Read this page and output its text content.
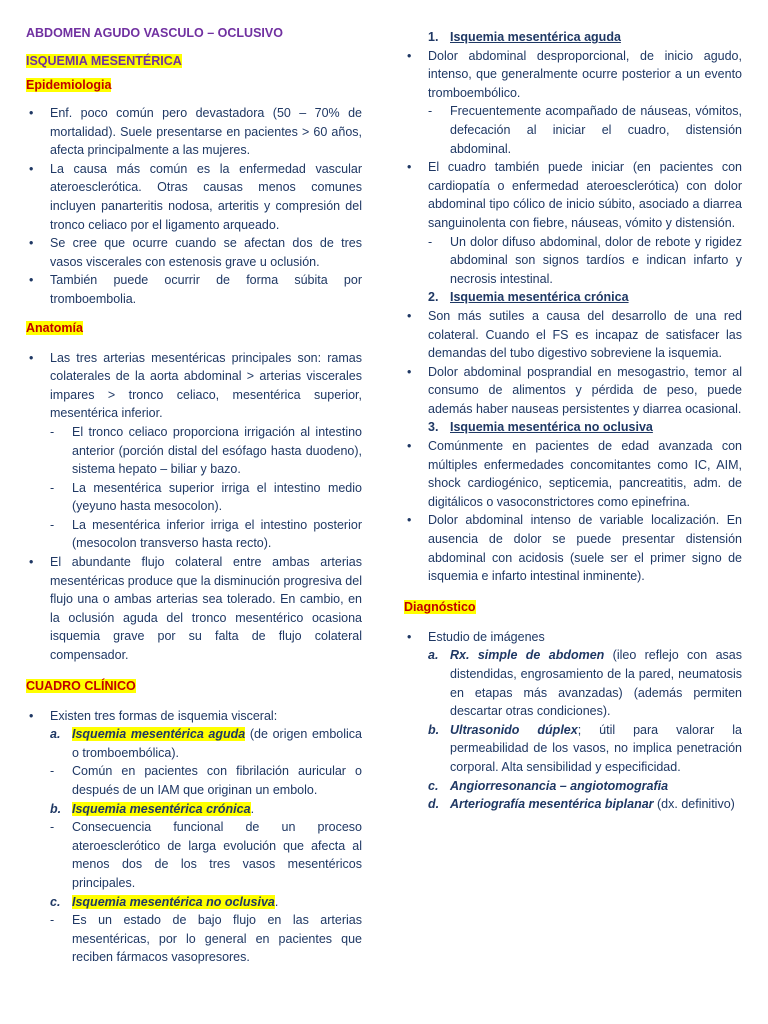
ABDOMEN AGUDO VASCULO – OCLUSIVO
ISQUEMIA MESENTÉRICA
Epidemiologia
• Enf. poco común pero devastadora (50 – 70% de mortalidad). Suele presentarse en pacientes > 60 años, afecta principalmente a las mujeres.
• La causa más común es la enfermedad vascular ateroesclerótica. Otras causas menos comunes incluyen panarteritis nodosa, arteritis y compresión del tronco celiaco por el ligamento arqueado.
• Se cree que ocurre cuando se afectan dos de tres vasos viscerales con estenosis grave u oclusión.
• También puede ocurrir de forma súbita por tromboembolia.
Anatomía
• Las tres arterias mesentéricas principales son: ramas colaterales de la aorta abdominal > arterias viscerales impares > tronco celiaco, mesentérica superior, mesentérica inferior.
- El tronco celiaco proporciona irrigación al intestino anterior (porción distal del esófago hasta duodeno), sistema hepato – biliar y bazo.
- La mesentérica superior irriga el intestino medio (yeyuno hasta mesocolon).
- La mesentérica inferior irriga el intestino posterior (mesocolon transverso hasta recto).
• El abundante flujo colateral entre ambas arterias mesentéricas produce que la disminución progresiva del flujo una o ambas arterias sea tolerado. En cambio, en la oclusión aguda del tronco mesentérico ocasiona isquemia grave por su falta de flujo colateral compensador.
CUADRO CLÍNICO
• Existen tres formas de isquemia visceral:
a. Isquemia mesentérica aguda (de origen embolica o tromboembólica).
- Común en pacientes con fibrilación auricular o después de un IAM que originan un embolo.
b. Isquemia mesentérica crónica.
- Consecuencia funcional de un proceso ateroesclerótico de larga evolución que afecta al menos dos de los tres vasos mesentéricos principales.
c. Isquemia mesentérica no oclusiva.
- Es un estado de bajo flujo en las arterias mesentéricas, por lo general en pacientes que reciben fármacos vasopresores.
1. Isquemia mesentérica aguda
• Dolor abdominal desproporcional, de inicio agudo, intenso, que generalmente ocurre posterior a un evento tromboembólico.
- Frecuentemente acompañado de náuseas, vómitos, defecación al iniciar el cuadro, distensión abdominal.
• El cuadro también puede iniciar (en pacientes con cardiopatía o enfermedad ateroesclerótica) con dolor abdominal tipo cólico de inicio súbito, asociado a diarrea sanguinolenta con fiebre, náuseas, vómito y distensión.
- Un dolor difuso abdominal, dolor de rebote y rigidez abdominal son signos tardíos e indican infarto y necrosis intestinal.
2. Isquemia mesentérica crónica
• Son más sutiles a causa del desarrollo de una red colateral. Cuando el FS es incapaz de satisfacer las demandas del tubo digestivo sobreviene la isquemia.
• Dolor abdominal posprandial en mesogastrio, temor al consumo de alimentos y pérdida de peso, puede además haber nauseas persistentes y diarrea ocasional.
3. Isquemia mesentérica no oclusiva
• Comúnmente en pacientes de edad avanzada con múltiples enfermedades concomitantes como IC, AIM, shock cardiogénico, septicemia, pancreatitis, adm. de digitálicos o vasoconstrictores como epinefrina.
• Dolor abdominal intenso de variable localización. En ausencia de dolor se puede presentar distensión abdominal con acidosis (suele ser el primer signo de isquemia e infarto intestinal inminente).
Diagnóstico
• Estudio de imágenes
a. Rx. simple de abdomen (ileo reflejo con asas distendidas, engrosamiento de la pared, neumatosis en etapas más avanzadas) (además permiten descartar otras condiciones).
b. Ultrasonido dúplex; útil para valorar la permeabilidad de los vasos, no implica penetración corporal. Alta sensibilidad y especificidad.
c. Angiorresonancia – angiotomografia
d. Arteriografía mesentérica biplanar (dx. definitivo)
